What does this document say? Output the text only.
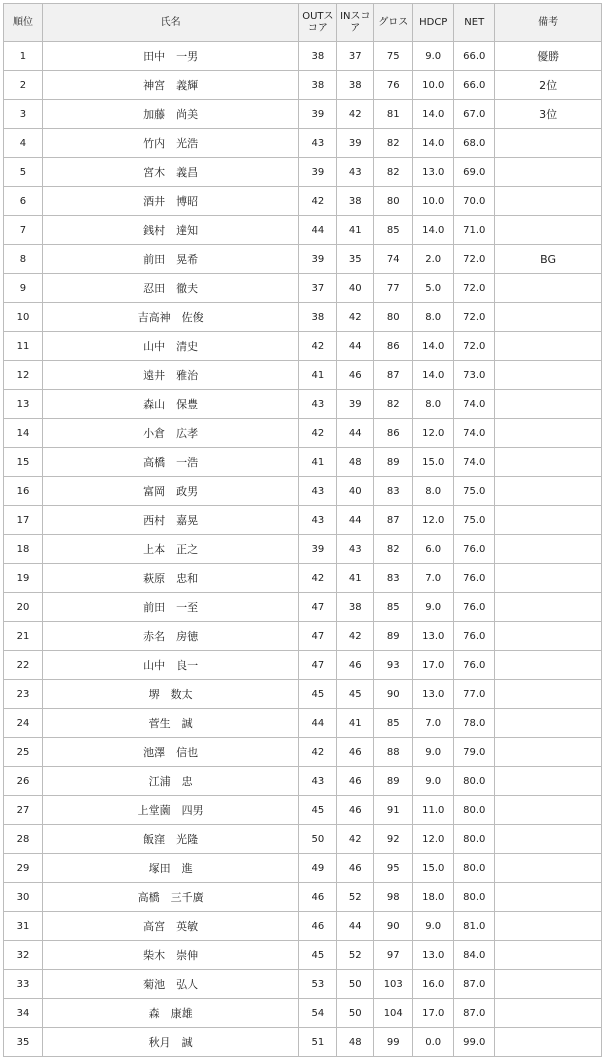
順位	氏名	OUTスコア	INスコア	グロス	HDCP	NET	備考
1	田中　一男	38	37	75	9.0	66.0	優勝
2	神宮　義輝	38	38	76	10.0	66.0	2位
3	加藤　尚美	39	42	81	14.0	67.0	3位
4	竹内　光浩	43	39	82	14.0	68.0	
5	宮木　義昌	39	43	82	13.0	69.0	
6	酒井　博昭	42	38	80	10.0	70.0	
7	銭村　達知	44	41	85	14.0	71.0	
8	前田　晃希	39	35	74	2.0	72.0	BG
9	忍田　徹夫	37	40	77	5.0	72.0	
10	吉高神　佐俊	38	42	80	8.0	72.0	
11	山中　清史	42	44	86	14.0	72.0	
12	遠井　雅治	41	46	87	14.0	73.0	
13	森山　保豊	43	39	82	8.0	74.0	
14	小倉　広孝	42	44	86	12.0	74.0	
15	高橋　一浩	41	48	89	15.0	74.0	
16	富岡　政男	43	40	83	8.0	75.0	
17	西村　嘉晃	43	44	87	12.0	75.0	
18	上本　正之	39	43	82	6.0	76.0	
19	萩原　忠和	42	41	83	7.0	76.0	
20	前田　一至	47	38	85	9.0	76.0	
21	赤名　房徳	47	42	89	13.0	76.0	
22	山中　良一	47	46	93	17.0	76.0	
23	堺　数太	45	45	90	13.0	77.0	
24	菅生　誠	44	41	85	7.0	78.0	
25	池澤　信也	42	46	88	9.0	79.0	
26	江浦　忠	43	46	89	9.0	80.0	
27	上堂薗　四男	45	46	91	11.0	80.0	
28	飯窪　光隆	50	42	92	12.0	80.0	
29	塚田　進	49	46	95	15.0	80.0	
30	高橋　三千廣	46	52	98	18.0	80.0	
31	高宮　英敏	46	44	90	9.0	81.0	
32	柴木　崇伸	45	52	97	13.0	84.0	
33	菊池　弘人	53	50	103	16.0	87.0	
34	森　康雄	54	50	104	17.0	87.0	
35	秋月　誠	51	48	99	0.0	99.0	
